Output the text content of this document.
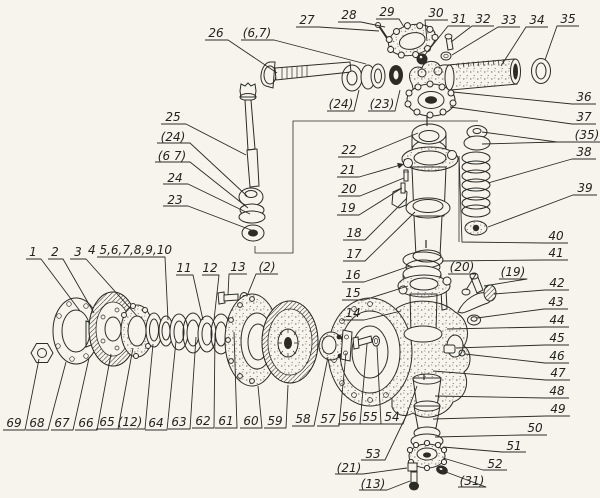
26 (6,7)
25
(24)
(6 7)
24
23
27 28 29	30 31 32 33 34 35
(24) (23)	36
37
(35)
38
39
40
41
(20) (19)
42
43
44
45
46
47
48
49
50
51
52
53
(21)
(13)	(31)
22
21
20
19
18
17
16
15
14
1 2 3 4 5,6,7,8,9,10
11 12 13 (2)
69 68 67 66 65 (12) 64 63 62 61 60 59 58 57 56 55 54
